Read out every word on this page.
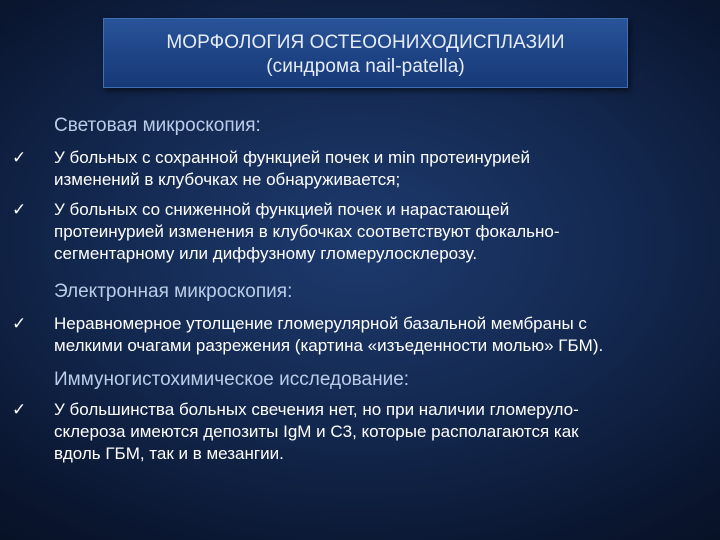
МОРФОЛОГИЯ ОСТЕООНИХОДИСПЛАЗИИ
(синдрома nail-patella)
Световая микроскопия:
✓ У больных с сохранной функцией почек и min протеинурией
изменений в клубочках не обнаруживается;
✓ У больных со сниженной функцией почек и нарастающей
протеинурией изменения в клубочках соответствуют фокально-
сегментарному или диффузному гломерулосклерозу.
Электронная микроскопия:
✓ Неравномерное утолщение гломерулярной базальной мембраны с
мелкими очагами разрежения (картина «изъеденности молью» ГБМ).
Иммуногистохимическое исследование:
✓ У большинства больных свечения нет, но при наличии гломеруло-
склероза имеются депозиты IgM и C3, которые располагаются как
вдоль ГБМ, так и в мезангии.
